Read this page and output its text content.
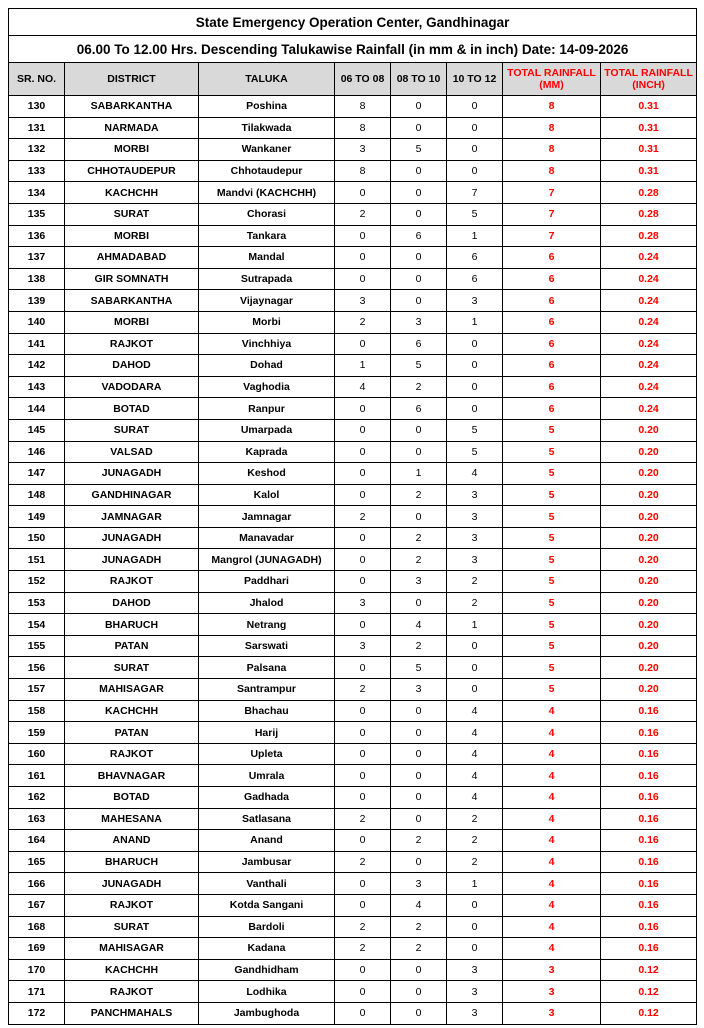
State Emergency Operation Center, Gandhinagar							
06.00 To 12.00 Hrs. Descending Talukawise Rainfall (in mm & in inch) Date: 14-09-2026							
SR. NO.	DISTRICT	TALUKA	06 TO 08	08 TO 10	10 TO 12	TOTAL RAINFALL (MM)	TOTAL RAINFALL (INCH)
130	SABARKANTHA	Poshina	8	0	0	8	0.31
131	NARMADA	Tilakwada	8	0	0	8	0.31
132	MORBI	Wankaner	3	5	0	8	0.31
133	CHHOTAUDEPUR	Chhotaudepur	8	0	0	8	0.31
134	KACHCHH	Mandvi (KACHCHH)	0	0	7	7	0.28
135	SURAT	Chorasi	2	0	5	7	0.28
136	MORBI	Tankara	0	6	1	7	0.28
137	AHMADABAD	Mandal	0	0	6	6	0.24
138	GIR SOMNATH	Sutrapada	0	0	6	6	0.24
139	SABARKANTHA	Vijaynagar	3	0	3	6	0.24
140	MORBI	Morbi	2	3	1	6	0.24
141	RAJKOT	Vinchhiya	0	6	0	6	0.24
142	DAHOD	Dohad	1	5	0	6	0.24
143	VADODARA	Vaghodia	4	2	0	6	0.24
144	BOTAD	Ranpur	0	6	0	6	0.24
145	SURAT	Umarpada	0	0	5	5	0.20
146	VALSAD	Kaprada	0	0	5	5	0.20
147	JUNAGADH	Keshod	0	1	4	5	0.20
148	GANDHINAGAR	Kalol	0	2	3	5	0.20
149	JAMNAGAR	Jamnagar	2	0	3	5	0.20
150	JUNAGADH	Manavadar	0	2	3	5	0.20
151	JUNAGADH	Mangrol (JUNAGADH)	0	2	3	5	0.20
152	RAJKOT	Paddhari	0	3	2	5	0.20
153	DAHOD	Jhalod	3	0	2	5	0.20
154	BHARUCH	Netrang	0	4	1	5	0.20
155	PATAN	Sarswati	3	2	0	5	0.20
156	SURAT	Palsana	0	5	0	5	0.20
157	MAHISAGAR	Santrampur	2	3	0	5	0.20
158	KACHCHH	Bhachau	0	0	4	4	0.16
159	PATAN	Harij	0	0	4	4	0.16
160	RAJKOT	Upleta	0	0	4	4	0.16
161	BHAVNAGAR	Umrala	0	0	4	4	0.16
162	BOTAD	Gadhada	0	0	4	4	0.16
163	MAHESANA	Satlasana	2	0	2	4	0.16
164	ANAND	Anand	0	2	2	4	0.16
165	BHARUCH	Jambusar	2	0	2	4	0.16
166	JUNAGADH	Vanthali	0	3	1	4	0.16
167	RAJKOT	Kotda Sangani	0	4	0	4	0.16
168	SURAT	Bardoli	2	2	0	4	0.16
169	MAHISAGAR	Kadana	2	2	0	4	0.16
170	KACHCHH	Gandhidham	0	0	3	3	0.12
171	RAJKOT	Lodhika	0	0	3	3	0.12
172	PANCHMAHALS	Jambughoda	0	0	3	3	0.12
